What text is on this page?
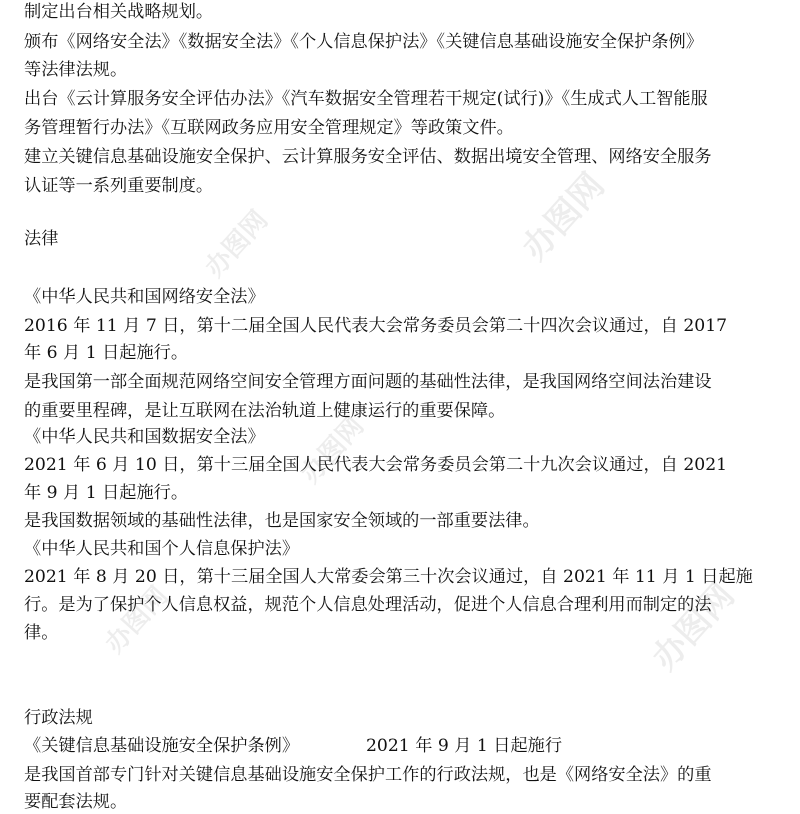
办图网	办图网
办图网
办图网	办图网
制定出台相关战略规划。
颁布《网络安全法》《数据安全法》《个人信息保护法》《关键信息基础设施安全保护条例》
等法律法规。
出台《云计算服务安全评估办法》《汽车数据安全管理若干规定(试行)》《生成式人工智能服
务管理暂行办法》《互联网政务应用安全管理规定》等政策文件。
建立关键信息基础设施安全保护、云计算服务安全评估、数据出境安全管理、网络安全服务
认证等一系列重要制度。
法律
《中华人民共和国网络安全法》
2016 年 11 月 7 日，第十二届全国人民代表大会常务委员会第二十四次会议通过，自 2017
年 6 月 1 日起施行。
是我国第一部全面规范网络空间安全管理方面问题的基础性法律，是我国网络空间法治建设
的重要里程碑，是让互联网在法治轨道上健康运行的重要保障。
《中华人民共和国数据安全法》
2021 年 6 月 10 日，第十三届全国人民代表大会常务委员会第二十九次会议通过，自 2021
年 9 月 1 日起施行。
是我国数据领域的基础性法律，也是国家安全领域的一部重要法律。
《中华人民共和国个人信息保护法》
2021 年 8 月 20 日，第十三届全国人大常委会第三十次会议通过，自 2021 年 11 月 1 日起施
行。是为了保护个人信息权益，规范个人信息处理活动，促进个人信息合理利用而制定的法
律。
行政法规
《关键信息基础设施安全保护条例》	2021 年 9 月 1 日起施行
是我国首部专门针对关键信息基础设施安全保护工作的行政法规，也是《网络安全法》的重
要配套法规。
